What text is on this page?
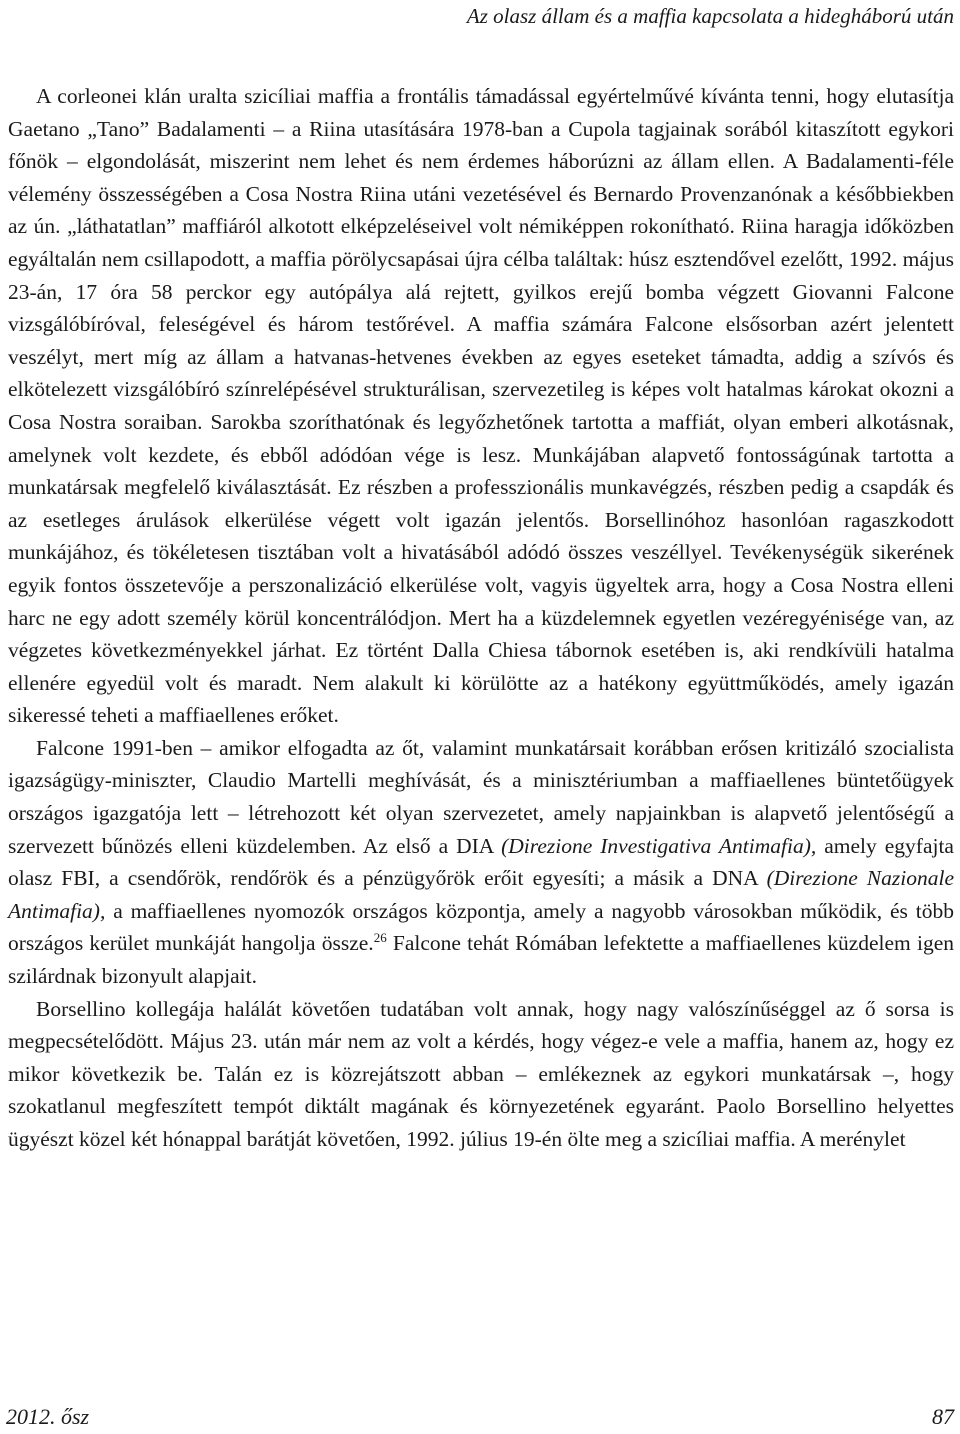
Az olasz állam és a maffia kapcsolata a hidegháború után

A corleonei klán uralta szicíliai maffia a frontális támadással egyértelművé kívánta tenni, hogy elutasítja Gaetano „Tano” Badalamenti – a Riina utasítására 1978-ban a Cupola tagjainak sorából kitaszított egykori főnök – elgondolását, miszerint nem lehet és nem érdemes háborúzni az állam ellen. A Badalamenti-féle vélemény összességében a Cosa Nostra Riina utáni vezetésével és Bernardo Provenzanónak a későbbiekben az ún. „láthatatlan” maffiáról alkotott elképzeléseivel volt némiképpen rokonítható. Riina haragja időközben egyáltalán nem csillapodott, a maffia pörölycsapásai újra célba találtak: húsz esztendővel ezelőtt, 1992. május 23-án, 17 óra 58 perckor egy autópálya alá rejtett, gyilkos erejű bomba végzett Giovanni Falcone vizsgálóbíróval, feleségével és három testőrével. A maffia számára Falcone elsősorban azért jelentett veszélyt, mert míg az állam a hatvanas-hetvenes években az egyes eseteket támadta, addig a szívós és elkötelezett vizsgálóbíró színrelépésével strukturálisan, szervezetileg is képes volt hatalmas károkat okozni a Cosa Nostra soraiban. Sarokba szoríthatónak és legyőzhetőnek tartotta a maffiát, olyan emberi alkotásnak, amelynek volt kezdete, és ebből adódóan vége is lesz. Munkájában alapvető fontosságúnak tartotta a munkatársak megfelelő kiválasztását. Ez részben a professzionális munkavégzés, részben pedig a csapdák és az esetleges árulások elkerülése végett volt igazán jelentős. Borsellinóhoz hasonlóan ragaszkodott munkájához, és tökéletesen tisztában volt a hivatásából adódó összes veszéllyel. Tevékenységük sikerének egyik fontos összetevője a perszonalizáció elkerülése volt, vagyis ügyeltek arra, hogy a Cosa Nostra elleni harc ne egy adott személy körül koncentrálódjon. Mert ha a küzdelemnek egyetlen vezéregyénisége van, az végzetes következményekkel járhat. Ez történt Dalla Chiesa tábornok esetében is, aki rendkívüli hatalma ellenére egyedül volt és maradt. Nem alakult ki körülötte az a hatékony együttműködés, amely igazán sikeressé teheti a maffiaellenes erőket.

Falcone 1991-ben – amikor elfogadta az őt, valamint munkatársait korábban erősen kritizáló szocialista igazságügy-miniszter, Claudio Martelli meghívását, és a minisztériumban a maffiaellenes büntetőügyek országos igazgatója lett – létrehozott két olyan szervezetet, amely napjainkban is alapvető jelentőségű a szervezett bűnözés elleni küzdelemben. Az első a DIA (Direzione Investigativa Antimafia), amely egyfajta olasz FBI, a csendőrök, rendőrök és a pénzügyőrök erőit egyesíti; a másik a DNA (Direzione Nazionale Antimafia), a maffiaellenes nyomozók országos központja, amely a nagyobb városokban működik, és több országos kerület munkáját hangolja össze.$^{26}$ Falcone tehát Rómában lefektette a maffiaellenes küzdelem igen szilárdnak bizonyult alapjait.

Borsellino kollegája halálát követően tudatában volt annak, hogy nagy valószínűséggel az ő sorsa is megpecsételődött. Május 23. után már nem az volt a kérdés, hogy végez-e vele a maffia, hanem az, hogy ez mikor következik be. Talán ez is közrejátszott abban – emlékeznek az egykori munkatársak –, hogy szokatlanul megfeszített tempót diktált magának és környezetének egyaránt. Paolo Borsellino helyettes ügyészt közel két hónappal barátját követően, 1992. július 19-én ölte meg a szicíliai maffia. A merénylet

2012. ősz	87
